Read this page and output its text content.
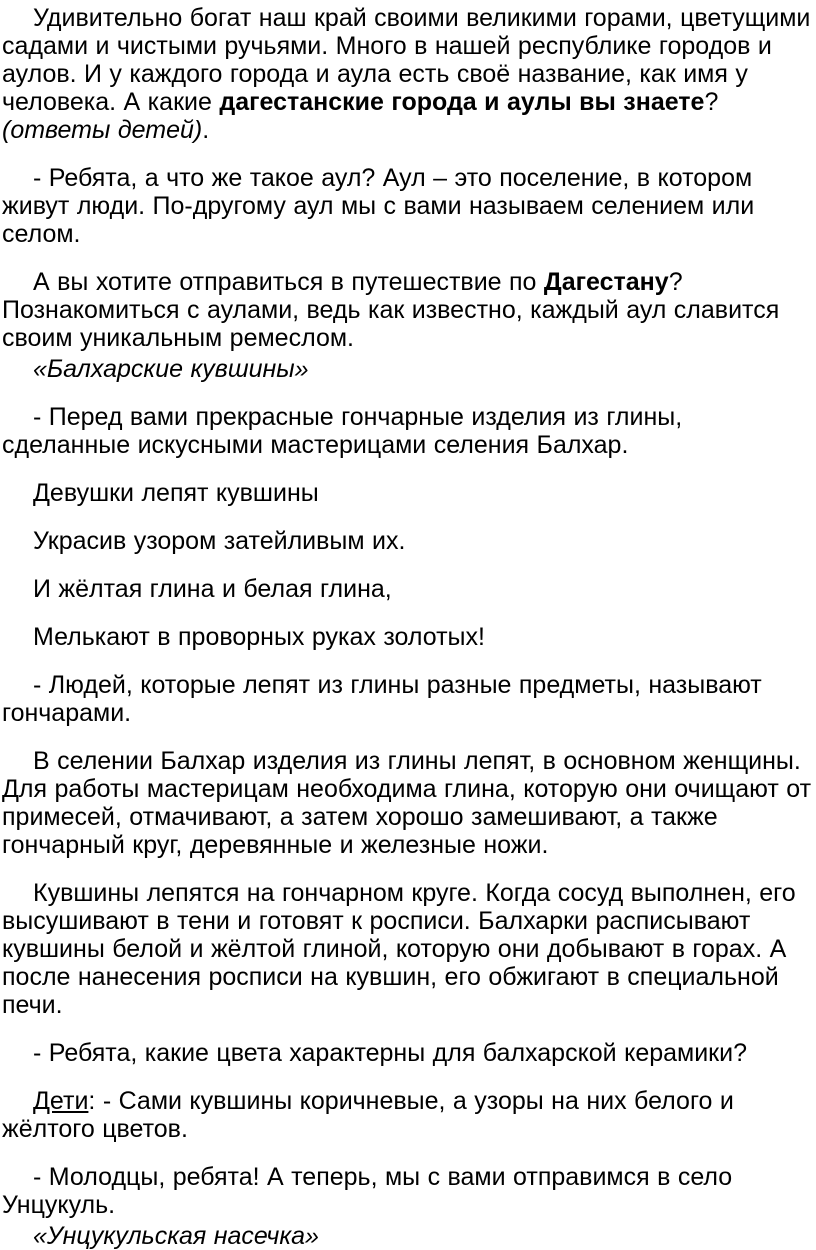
Удивительно богат наш край своими великими горами, цветущими садами и чистыми ручьями. Много в нашей республике городов и аулов. И у каждого города и аула есть своё название, как имя у человека. А какие дагестанские города и аулы вы знаете? (ответы детей).

- Ребята, а что же такое аул? Аул – это поселение, в котором живут люди. По-другому аул мы с вами называем селением или селом.

А вы хотите отправиться в путешествие по Дагестану? Познакомиться с аулами, ведь как известно, каждый аул славится своим уникальным ремеслом.

«Балхарские кувшины»

- Перед вами прекрасные гончарные изделия из глины, сделанные искусными мастерицами селения Балхар.

Девушки лепят кувшины

Украсив узором затейливым их.

И жёлтая глина и белая глина,

Мелькают в проворных руках золотых!

- Людей, которые лепят из глины разные предметы, называют гончарами.

В селении Балхар изделия из глины лепят, в основном женщины. Для работы мастерицам необходима глина, которую они очищают от примесей, отмачивают, а затем хорошо замешивают, а также гончарный круг, деревянные и железные ножи.

Кувшины лепятся на гончарном круге. Когда сосуд выполнен, его высушивают в тени и готовят к росписи. Балхарки расписывают кувшины белой и жёлтой глиной, которую они добывают в горах. А после нанесения росписи на кувшин, его обжигают в специальной печи.

- Ребята, какие цвета характерны для балхарской керамики?

Дети: - Сами кувшины коричневые, а узоры на них белого и жёлтого цветов.

- Молодцы, ребята! А теперь, мы с вами отправимся в село Унцукуль.

«Унцукульская насечка»
